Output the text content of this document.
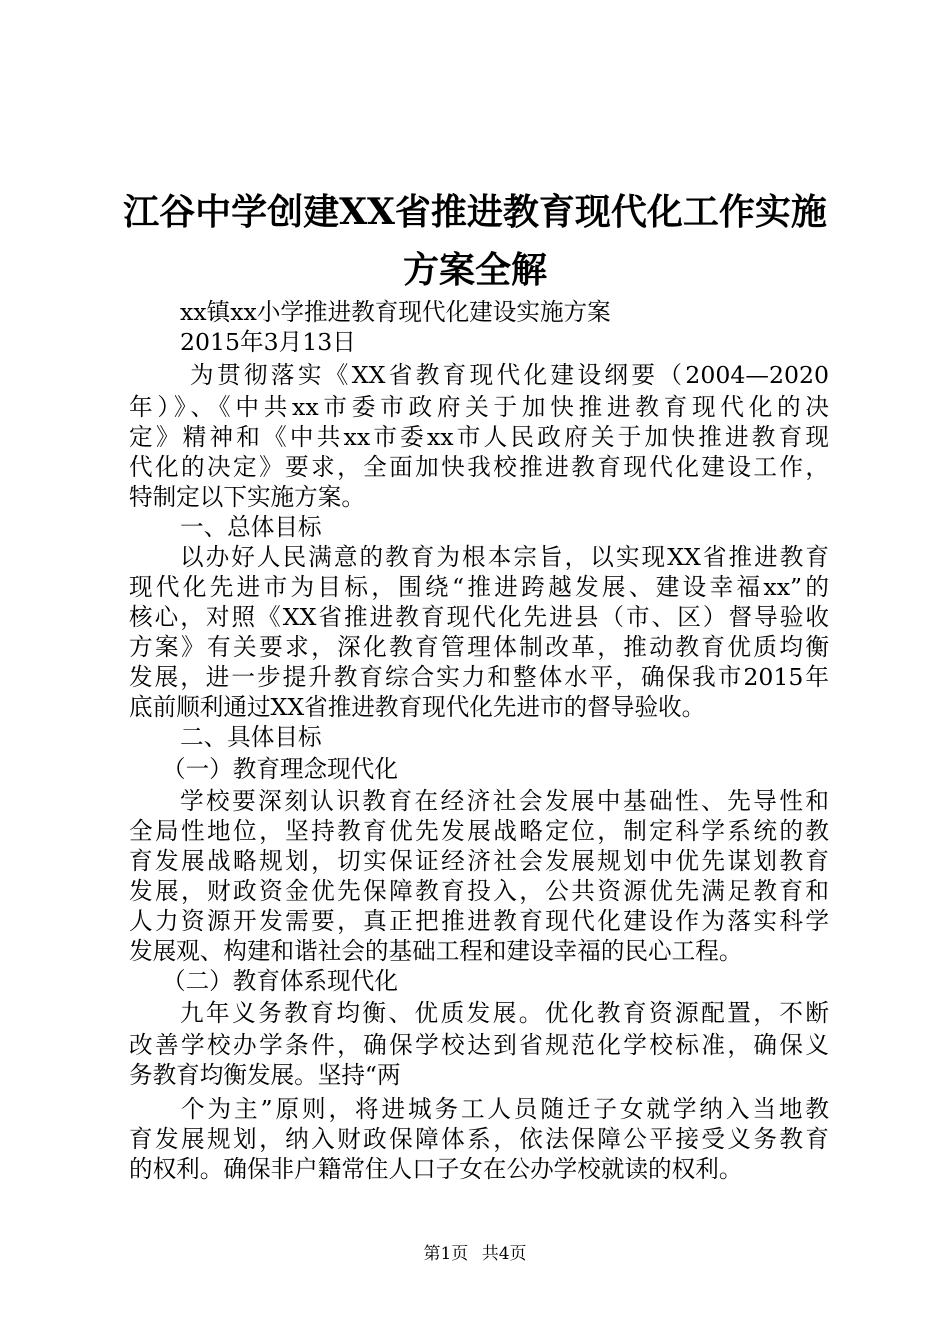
江谷中学创建XX省推进教育现代化工作实施
方案全解
xx镇xx小学推进教育现代化建设实施方案
2015年3月13日
为贯彻落实《XX省教育现代化建设纲要（2004—2020
年）》、《中共xx市委市政府关于加快推进教育现代化的决
定》精神和《中共xx市委xx市人民政府关于加快推进教育现
代化的决定》要求，全面加快我校推进教育现代化建设工作，
特制定以下实施方案。
一、总体目标
以办好人民满意的教育为根本宗旨，以实现XX省推进教育
现代化先进市为目标，围绕“推进跨越发展、建设幸福xx”的
核心，对照《XX省推进教育现代化先进县（市、区）督导验收
方案》有关要求，深化教育管理体制改革，推动教育优质均衡
发展，进一步提升教育综合实力和整体水平，确保我市2015年
底前顺利通过XX省推进教育现代化先进市的督导验收。
二、具体目标
（一）教育理念现代化
学校要深刻认识教育在经济社会发展中基础性、先导性和
全局性地位，坚持教育优先发展战略定位，制定科学系统的教
育发展战略规划，切实保证经济社会发展规划中优先谋划教育
发展，财政资金优先保障教育投入，公共资源优先满足教育和
人力资源开发需要，真正把推进教育现代化建设作为落实科学
发展观、构建和谐社会的基础工程和建设幸福的民心工程。
（二）教育体系现代化
九年义务教育均衡、优质发展。优化教育资源配置，不断
改善学校办学条件，确保学校达到省规范化学校标准，确保义
务教育均衡发展。坚持“两
个为主”原则，将进城务工人员随迁子女就学纳入当地教
育发展规划，纳入财政保障体系，依法保障公平接受义务教育
的权利。确保非户籍常住人口子女在公办学校就读的权利。
第1页 共4页
